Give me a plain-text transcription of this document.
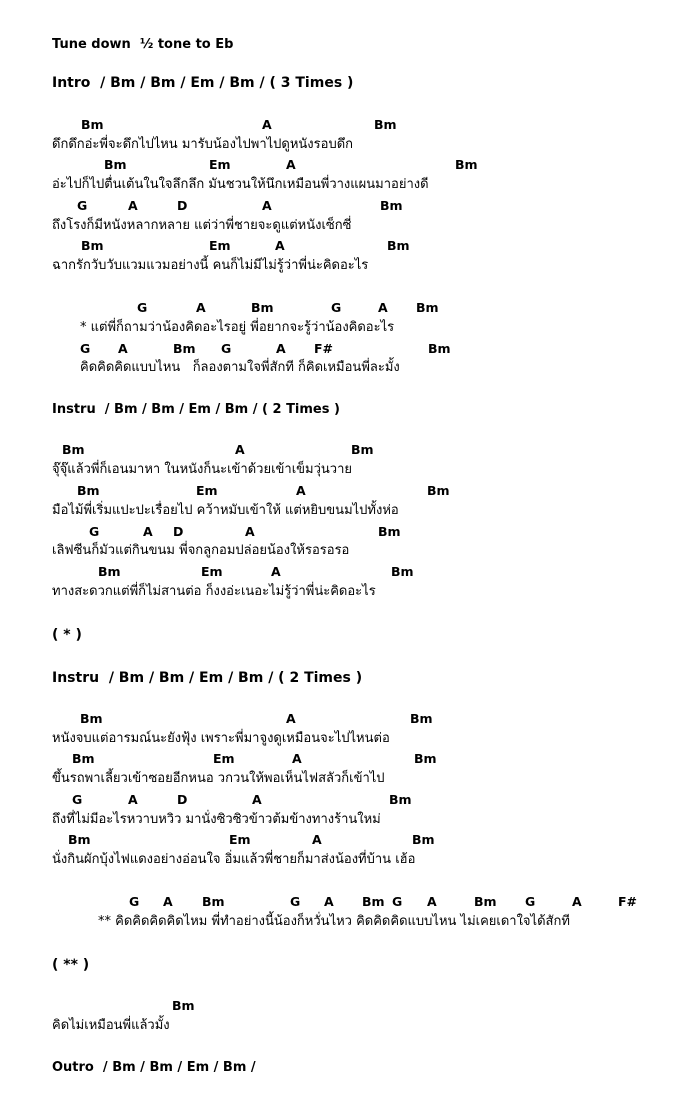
Tune down  ½ tone to Eb
Intro  / Bm / Bm / Em / Bm / ( 3 Times )
Bm	A	Bm
ดึกดึกอ่ะพี่จะดึกไปไหน มารับน้องไปพาไปดูหนังรอบดึก
Bm	Em	A	Bm
อ่ะไปก็ไปตื่นเต้นในใจลึกลึก มันชวนให้นึกเหมือนพี่วางแผนมาอย่างดี
G	A	D	A	Bm
ถึงโรงก็มีหนังหลากหลาย แต่ว่าพี่ชายจะดูแต่หนังเซ็กซี่
Bm	Em	A	Bm
ฉากรักวับวับแวมแวมอย่างนี้ คนก็ไม่มีไม่รู้ว่าพี่น่ะคิดอะไร
G	A	Bm	G	A Bm
* แต่พี่ก็ถามว่าน้องคิดอะไรอยู่ พี่อยากจะรู้ว่าน้องคิดอะไร
G A	Bm G	A F#	Bm
คิดคิดคิดแบบไหน   ก็ลองตามใจพี่สักที ก็คิดเหมือนพี่ละมั้ง
Instru  / Bm / Bm / Em / Bm / ( 2 Times )
Bm	A	Bm
จุ๊จุ๊แล้วพี่ก็เอนมาหา ในหนังก็นะเข้าด้วยเข้าเข็มวุ่นวาย
Bm	Em	A	Bm
มือไม้พี่เริ่มแปะปะเรื่อยไป คว้าหมับเข้าให้ แต่หยิบขนมไปทั้งห่อ
G	A D	A	Bm
เลิฟซีนก็มัวแต่กินขนม พี่จกลูกอมปล่อยน้องให้รอรอรอ
Bm	Em	A	Bm
ทางสะดวกแต่พี่ก็ไม่สานต่อ ก็งงอ่ะเนอะไม่รู้ว่าพี่น่ะคิดอะไร
( * )
Instru  / Bm / Bm / Em / Bm / ( 2 Times )
Bm	A	Bm
หนังจบแต่อารมณ์นะยังฟุ้ง เพราะพี่มาจูงดูเหมือนจะไปไหนต่อ
Bm	Em	A	Bm
ขึ้นรถพาเลี้ยวเข้าซอยอีกหนอ วกวนให้พอเห็นไฟสลัวก็เข้าไป
G	A	D	A	Bm
ถึงที่ไม่มีอะไรหวาบหวิว มานั่งซิวซิวข้าวต้มข้างทางร้านใหม่
Bm	Em	A	Bm
นั่งกินผักบุ้งไฟแดงอย่างอ่อนใจ อิ่มแล้วพี่ชายก็มาส่งน้องที่บ้าน เฮ้อ
G A Bm	G A Bm G A	Bm G	A	F#
** คิดคิดคิดคิดไหม พี่ทำอย่างนี้น้องก็หวั่นไหว คิดคิดคิดแบบไหน ไม่เคยเดาใจได้สักที
( ** )
Bm
คิดไม่เหมือนพี่แล้วมั้ง
Outro  / Bm / Bm / Em / Bm /
